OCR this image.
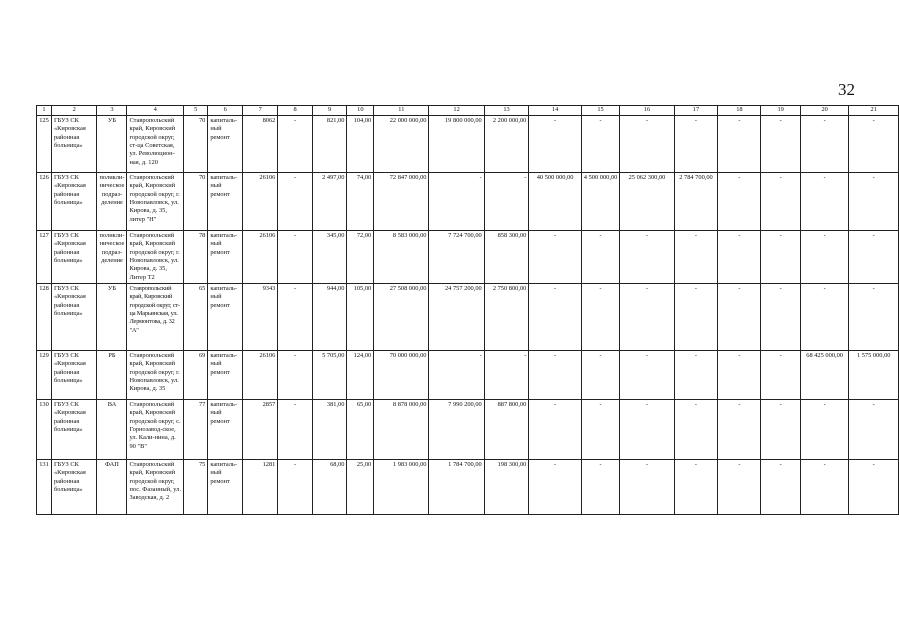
32
1	2	3	4	5	6	7	8	9	10	11	12	13	14	15	16	17	18	19	20	21
125	ГБУЗ СК «Кировская районная больница»	УБ	Ставропольский край, Кировский городской округ, ст-ца Советская, ул. Революцион-ная, д. 120	70	капиталь-ный ремонт	8062	-	821,00	104,00	22 000 000,00	19 800 000,00	2 200 000,00	-	-	-	-	-	-	-	-
126	ГБУЗ СК «Кировская районная больница»	поликли-ническое подраз-деление	Ставропольский край, Кировский городской округ, г. Новопавловск, ул. Кирова, д. 35, литер "Н"	70	капиталь-ный ремонт	26106	-	2 497,00	74,00	72 847 000,00	-	-	40 500 000,00	4 500 000,00	25 062 300,00	2 784 700,00	-	-	-	-
127	ГБУЗ СК «Кировская районная больница»	поликли-ническое подраз-деление	Ставропольский край, Кировский городской округ, г. Новопавловск, ул. Кирова, д. 35, Литер Т2	78	капиталь-ный ремонт	26106	-	345,00	72,00	8 583 000,00	7 724 700,00	858 300,00	-	-	-	-	-	-	-	-
128	ГБУЗ СК «Кировская районная больница»	УБ	Ставропольский край, Кировский городской округ, ст-ца Марьинская, ул. Лермонтова, д. 32 "А"	65	капиталь-ный ремонт	9343	-	944,00	105,00	27 508 000,00	24 757 200,00	2 750 800,00	-	-	-	-	-	-	-	-
129	ГБУЗ СК «Кировская районная больница»	РБ	Ставропольский край, Кировский городской округ, г. Новопавловск, ул. Кирова, д. 35	69	капиталь-ный ремонт	26106	-	5 705,00	124,00	70 000 000,00	-	-	-	-	-	-	-	-	68 425 000,00	1 575 000,00
130	ГБУЗ СК «Кировская районная больница»	ВА	Ставропольский край, Кировский городской округ, с. Горнозавод-ское, ул. Кали-нина, д. 90 "В"	77	капиталь-ный ремонт	2857	-	381,00	65,00	8 878 000,00	7 990 200,00	887 800,00	-	-	-	-	-	-	-	-
131	ГБУЗ СК «Кировская районная больница»	ФАП	Ставропольский край, Кировский городской округ, пос. Фазанный, ул. Заводская, д. 2	75	капиталь-ный ремонт	1281	-	68,00	25,00	1 983 000,00	1 784 700,00	198 300,00	-	-	-	-	-	-	-	-
